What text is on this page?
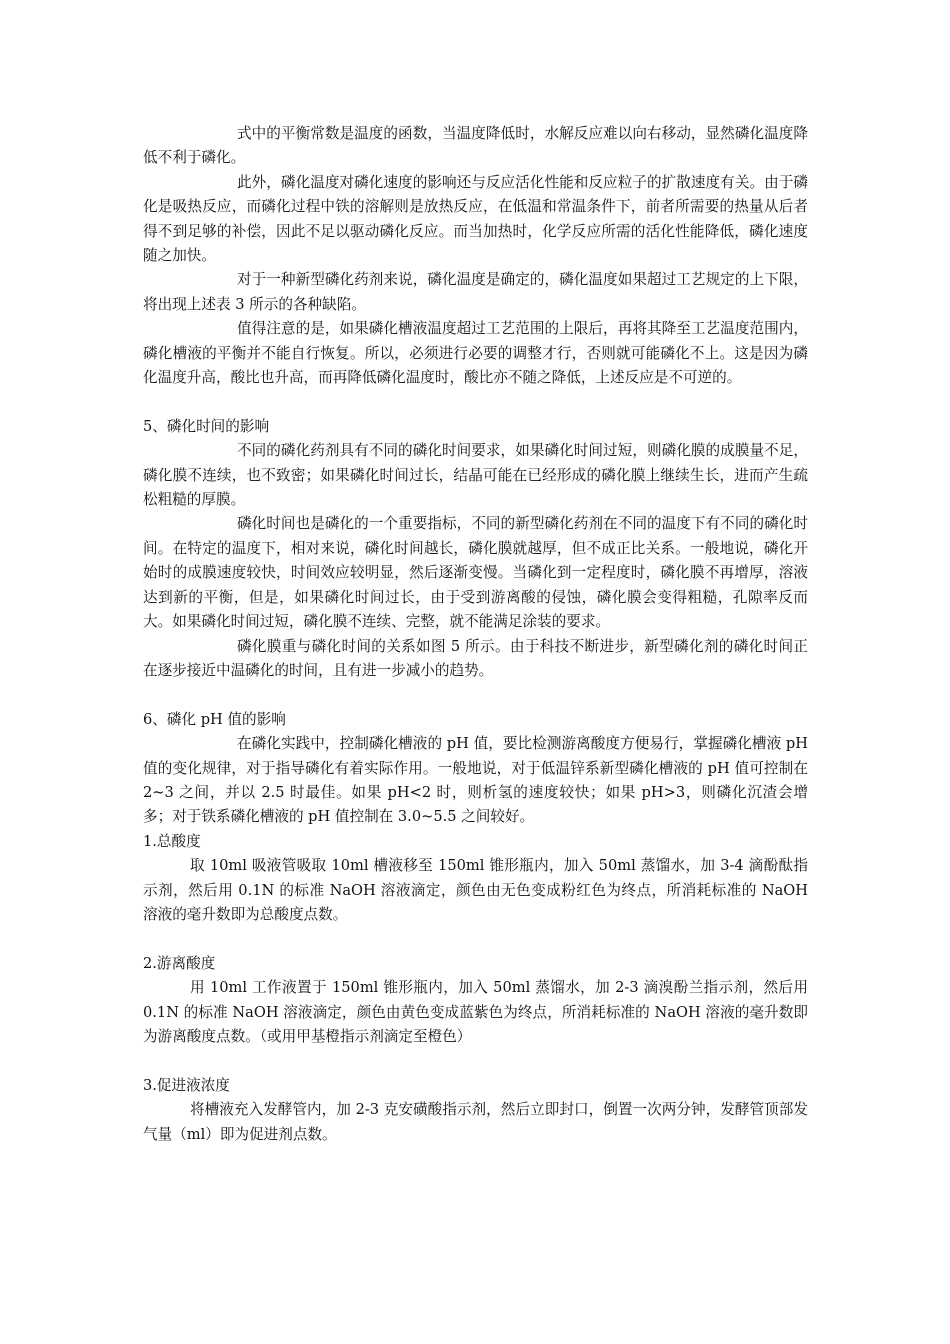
式中的平衡常数是温度的函数，当温度降低时，水解反应难以向右移动，显然磷化温度降低不利于磷化。

此外，磷化温度对磷化速度的影响还与反应活化性能和反应粒子的扩散速度有关。由于磷化是吸热反应，而磷化过程中铁的溶解则是放热反应，在低温和常温条件下，前者所需要的热量从后者得不到足够的补偿，因此不足以驱动磷化反应。而当加热时，化学反应所需的活化性能降低，磷化速度随之加快。

对于一种新型磷化药剂来说，磷化温度是确定的，磷化温度如果超过工艺规定的上下限，将出现上述表 3 所示的各种缺陷。

值得注意的是，如果磷化槽液温度超过工艺范围的上限后，再将其降至工艺温度范围内，磷化槽液的平衡并不能自行恢复。所以，必须进行必要的调整才行，否则就可能磷化不上。这是因为磷化温度升高，酸比也升高，而再降低磷化温度时，酸比亦不随之降低，上述反应是不可逆的。

5、磷化时间的影响

不同的磷化药剂具有不同的磷化时间要求，如果磷化时间过短，则磷化膜的成膜量不足，磷化膜不连续，也不致密；如果磷化时间过长，结晶可能在已经形成的磷化膜上继续生长，进而产生疏松粗糙的厚膜。

磷化时间也是磷化的一个重要指标，不同的新型磷化药剂在不同的温度下有不同的磷化时间。在特定的温度下，相对来说，磷化时间越长，磷化膜就越厚，但不成正比关系。一般地说，磷化开始时的成膜速度较快，时间效应较明显，然后逐渐变慢。当磷化到一定程度时，磷化膜不再增厚，溶液达到新的平衡，但是，如果磷化时间过长，由于受到游离酸的侵蚀，磷化膜会变得粗糙，孔隙率反而大。如果磷化时间过短，磷化膜不连续、完整，就不能满足涂装的要求。

磷化膜重与磷化时间的关系如图 5 所示。由于科技不断进步，新型磷化剂的磷化时间正在逐步接近中温磷化的时间，且有进一步减小的趋势。

6、磷化 pH 值的影响

在磷化实践中，控制磷化槽液的 pH 值，要比检测游离酸度方便易行，掌握磷化槽液 pH 值的变化规律，对于指导磷化有着实际作用。一般地说，对于低温锌系新型磷化槽液的 pH 值可控制在 2~3 之间，并以 2.5 时最佳。如果 pH<2 时，则析氢的速度较快；如果 pH>3，则磷化沉渣会增多；对于铁系磷化槽液的 pH 值控制在 3.0~5.5 之间较好。

1.总酸度

取 10ml 吸液管吸取 10ml 槽液移至 150ml 锥形瓶内，加入 50ml 蒸馏水，加 3-4 滴酚酞指示剂，然后用 0.1N 的标准 NaOH 溶液滴定，颜色由无色变成粉红色为终点，所消耗标准的 NaOH 溶液的毫升数即为总酸度点数。

2.游离酸度

用 10ml 工作液置于 150ml 锥形瓶内，加入 50ml 蒸馏水，加 2-3 滴溴酚兰指示剂，然后用 0.1N 的标准 NaOH 溶液滴定，颜色由黄色变成蓝紫色为终点，所消耗标准的 NaOH 溶液的毫升数即为游离酸度点数。（或用甲基橙指示剂滴定至橙色）

3.促进液浓度

将槽液充入发酵管内，加 2-3 克安磺酸指示剂，然后立即封口，倒置一次两分钟，发酵管顶部发气量（ml）即为促进剂点数。
